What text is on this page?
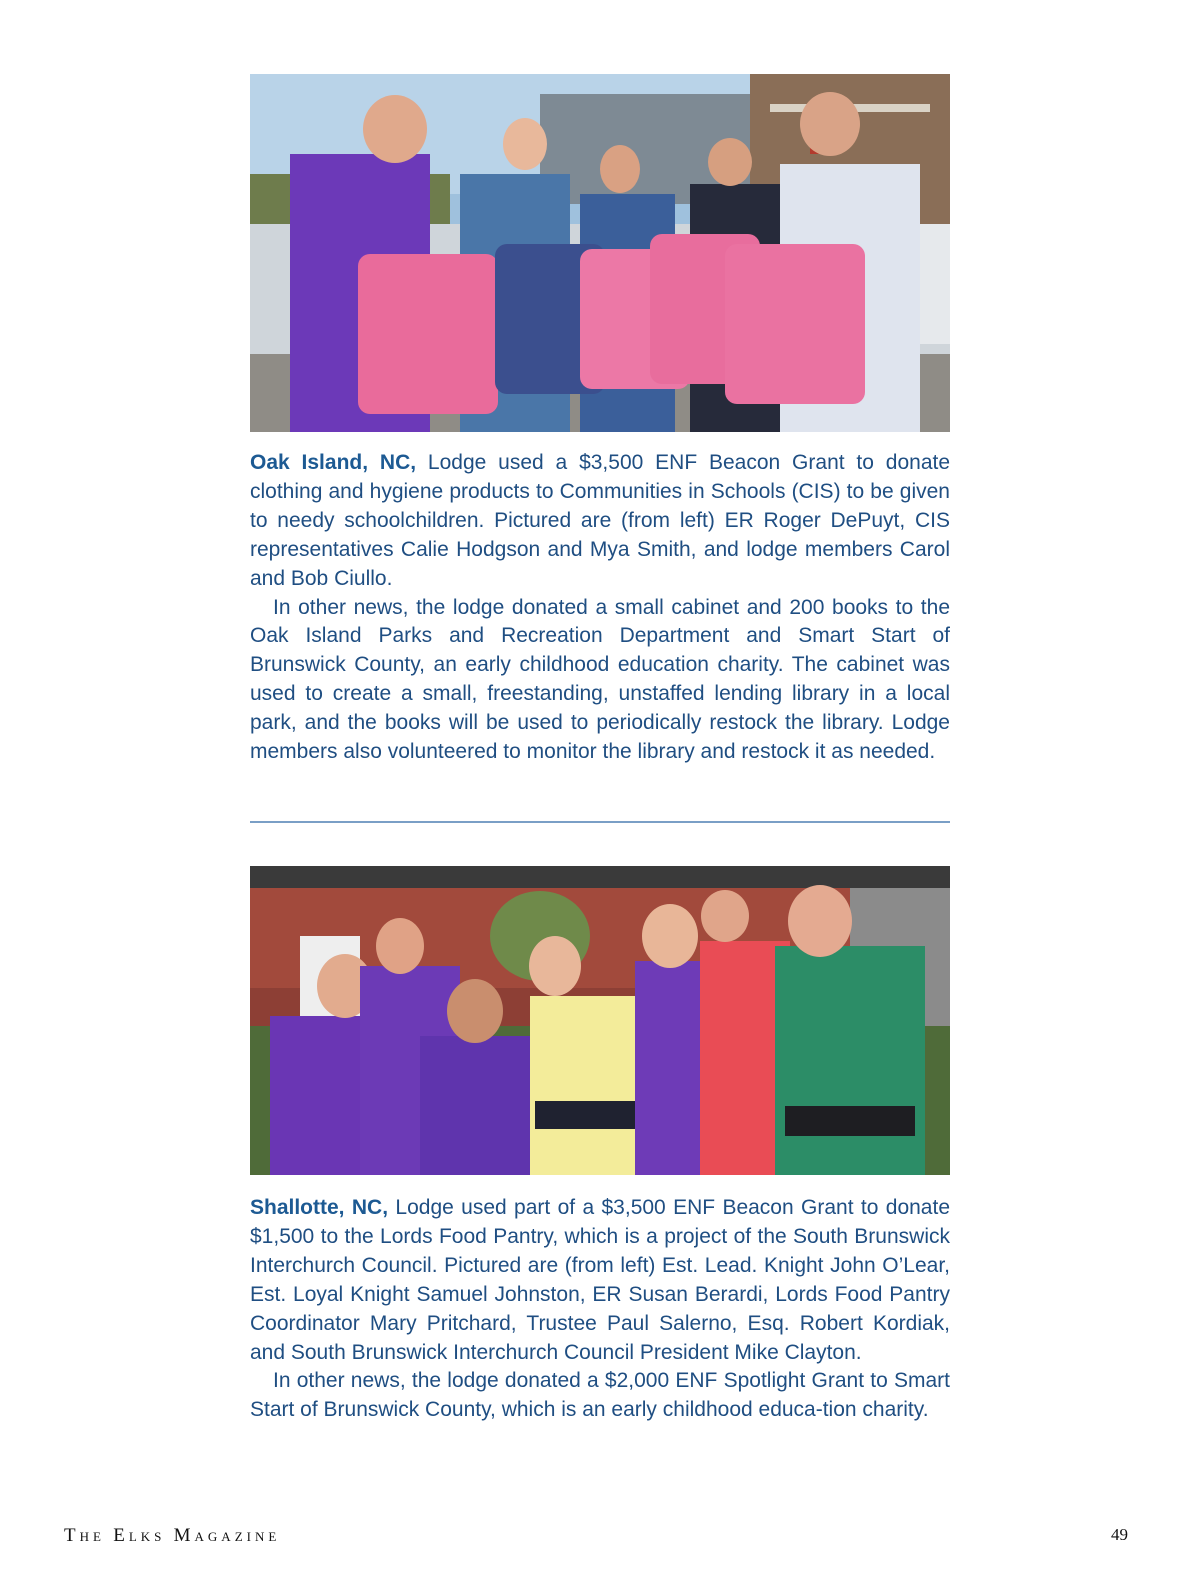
Oak Island, NC, Lodge used a $3,500 ENF Beacon Grant to donate clothing and hygiene products to Communities in Schools (CIS) to be given to needy schoolchildren. Pictured are (from left) ER Roger DePuyt, CIS representatives Calie Hodgson and Mya Smith, and lodge members Carol and Bob Ciullo.

In other news, the lodge donated a small cabinet and 200 books to the Oak Island Parks and Recreation Department and Smart Start of Brunswick County, an early childhood education charity. The cabinet was used to create a small, freestanding, unstaffed lending library in a local park, and the books will be used to periodically restock the library. Lodge members also volunteered to monitor the library and restock it as needed.

Shallotte, NC, Lodge used part of a $3,500 ENF Beacon Grant to donate $1,500 to the Lords Food Pantry, which is a project of the South Brunswick Interchurch Council. Pictured are (from left) Est. Lead. Knight John O’Lear, Est. Loyal Knight Samuel Johnston, ER Susan Berardi, Lords Food Pantry Coordinator Mary Pritchard, Trustee Paul Salerno, Esq. Robert Kordiak, and South Brunswick Interchurch Council President Mike Clayton.

In other news, the lodge donated a $2,000 ENF Spotlight Grant to Smart Start of Brunswick County, which is an early childhood educa-tion charity.

THE ELKS MAGAZINE	49
